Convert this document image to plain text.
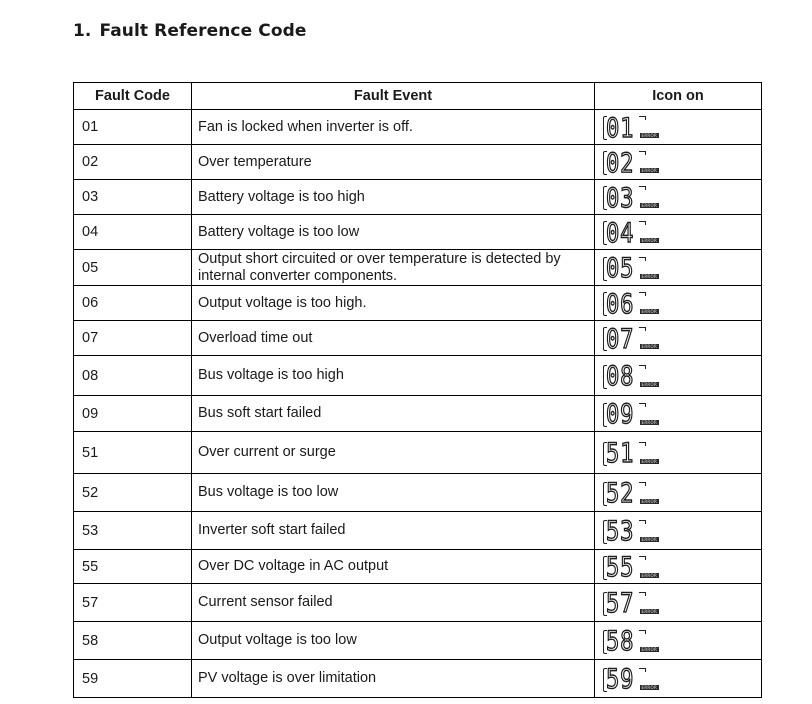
1. Fault Reference Code
Fault Code	Fault Event	Icon on
01	Fan is locked when inverter is off.	01 ERROR

02	Over temperature	02 ERROR

03	Battery voltage is too high	03 ERROR

04	Battery voltage is too low	04 ERROR

05	Output short circuited or over temperature is detected by internal converter components.	05 ERROR

06	Output voltage is too high.	06 ERROR

07	Overload time out	07 ERROR

08	Bus voltage is too high	08 ERROR

09	Bus soft start failed	09 ERROR

51	Over current or surge	51 ERROR

52	Bus voltage is too low	52 ERROR

53	Inverter soft start failed	53 ERROR

55	Over DC voltage in AC output	55 ERROR

57	Current sensor failed	57 ERROR

58	Output voltage is too low	58 ERROR

59	PV voltage is over limitation	59 ERROR
